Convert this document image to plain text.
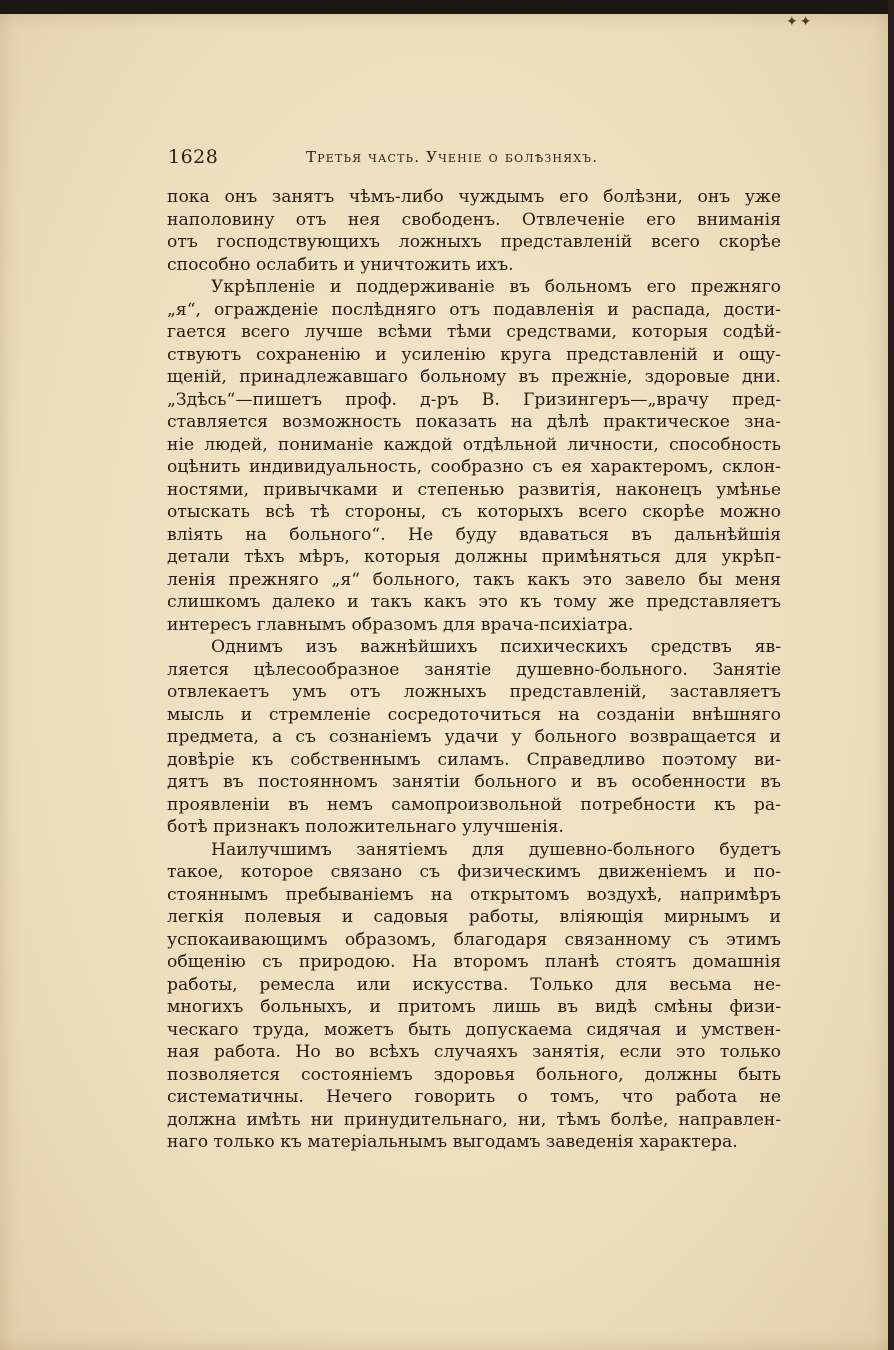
✦✦
1628	Третья часть. Ученіе о болѣзняхъ.
пока онъ занятъ чѣмъ-либо чуждымъ его болѣзни, онъ уже
наполовину отъ нея свободенъ. Отвлеченіе его вниманія
отъ господствующихъ ложныхъ представленій всего скорѣе
способно ослабить и уничтожить ихъ.
Укрѣпленіе и поддерживаніе въ больномъ его прежняго
„я“, огражденіе послѣдняго отъ подавленія и распада, дости-
гается всего лучше всѣми тѣми средствами, которыя содѣй-
ствуютъ сохраненію и усиленію круга представленій и ощу-
щеній, принадлежавшаго больному въ прежніе, здоровые дни.
„Здѣсь“—пишетъ проф. д-ръ В. Гризингеръ—„врачу пред-
ставляется возможность показать на дѣлѣ практическое зна-
ніе людей, пониманіе каждой отдѣльной личности, способность
оцѣнить индивидуальность, сообразно съ ея характеромъ, склон-
ностями, привычками и степенью развитія, наконецъ умѣнье
отыскать всѣ тѣ стороны, съ которыхъ всего скорѣе можно
вліять на больного“. Не буду вдаваться въ дальнѣйшія
детали тѣхъ мѣръ, которыя должны примѣняться для укрѣп-
ленія прежняго „я“ больного, такъ какъ это завело бы меня
слишкомъ далеко и такъ какъ это къ тому же представляетъ
интересъ главнымъ образомъ для врача-психіатра.
Однимъ изъ важнѣйшихъ психическихъ средствъ яв-
ляется цѣлесообразное занятіе душевно-больного. Занятіе
отвлекаетъ умъ отъ ложныхъ представленій, заставляетъ
мысль и стремленіе сосредоточиться на созданіи внѣшняго
предмета, а съ сознаніемъ удачи у больного возвращается и
довѣріе къ собственнымъ силамъ. Справедливо поэтому ви-
дятъ въ постоянномъ занятіи больного и въ особенности въ
проявленіи въ немъ самопроизвольной потребности къ ра-
ботѣ признакъ положительнаго улучшенія.
Наилучшимъ занятіемъ для душевно-больного будетъ
такое, которое связано съ физическимъ движеніемъ и по-
стояннымъ пребываніемъ на открытомъ воздухѣ, напримѣръ
легкія полевыя и садовыя работы, вліяющія мирнымъ и
успокаивающимъ образомъ, благодаря связанному съ этимъ
общенію съ природою. На второмъ планѣ стоятъ домашнія
работы, ремесла или искусства. Только для весьма не-
многихъ больныхъ, и притомъ лишь въ видѣ смѣны физи-
ческаго труда, можетъ быть допускаема сидячая и умствен-
ная работа. Но во всѣхъ случаяхъ занятія, если это только
позволяется состояніемъ здоровья больного, должны быть
систематичны. Нечего говорить о томъ, что работа не
должна имѣть ни принудительнаго, ни, тѣмъ болѣе, направлен-
наго только къ матеріальнымъ выгодамъ заведенія характера.
